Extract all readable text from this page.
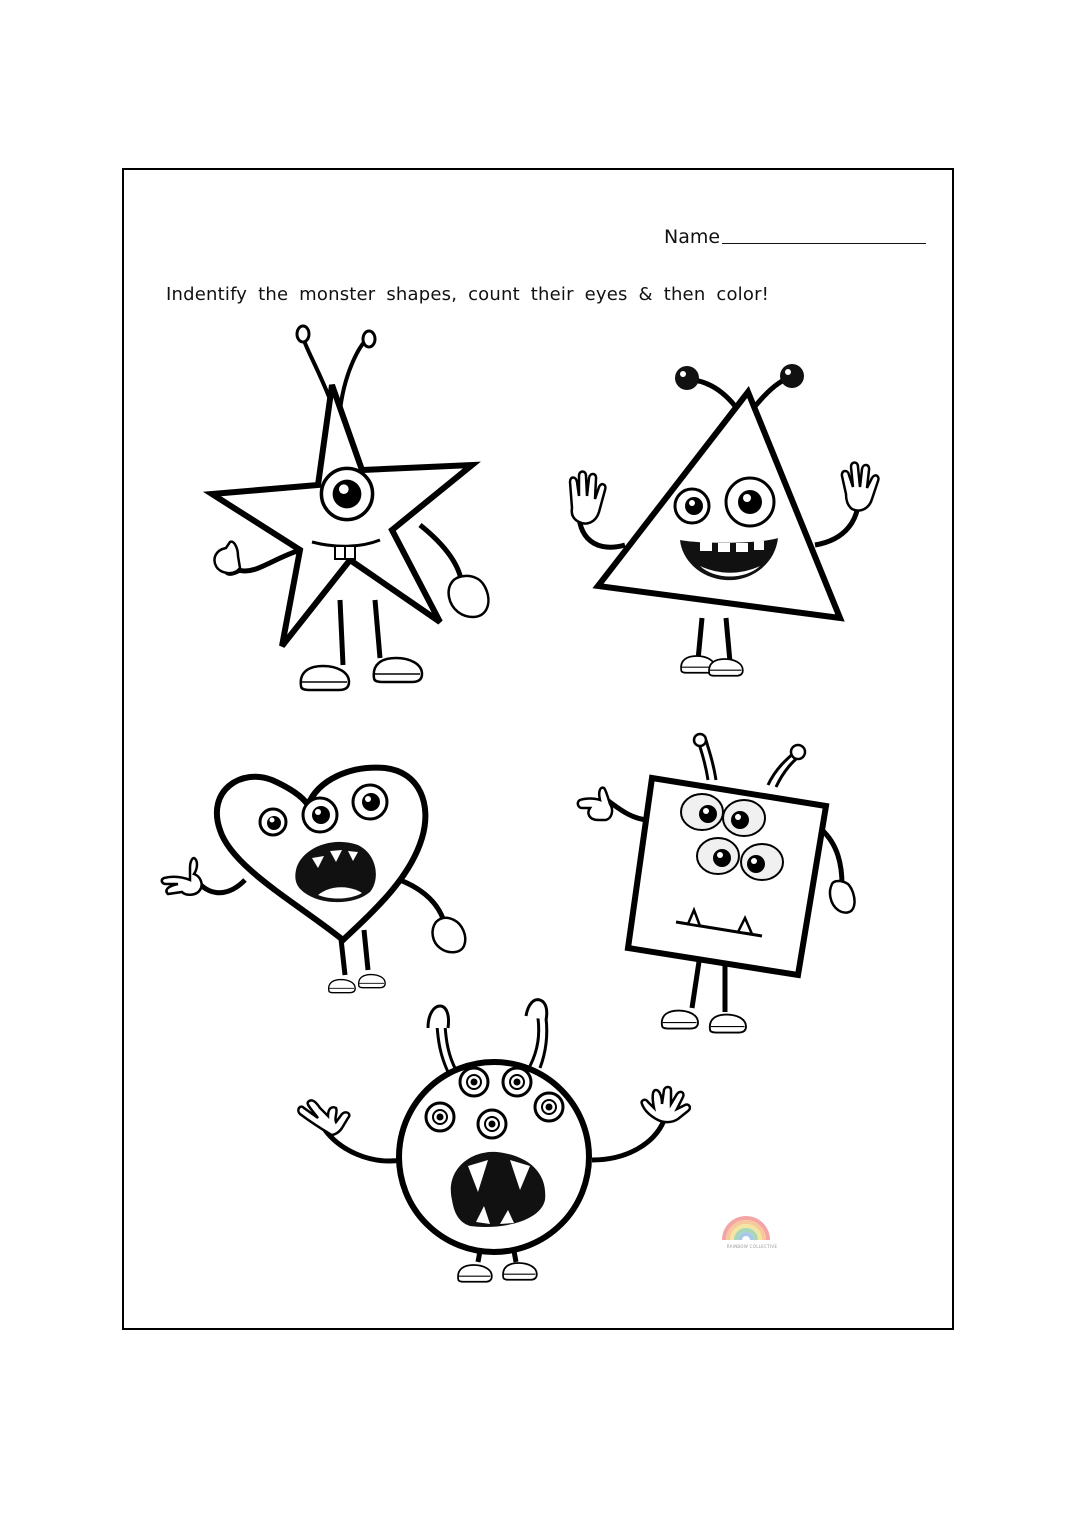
Name
Indentify the monster shapes, count their eyes & then color!
RAINBOW COLLECTIVE
